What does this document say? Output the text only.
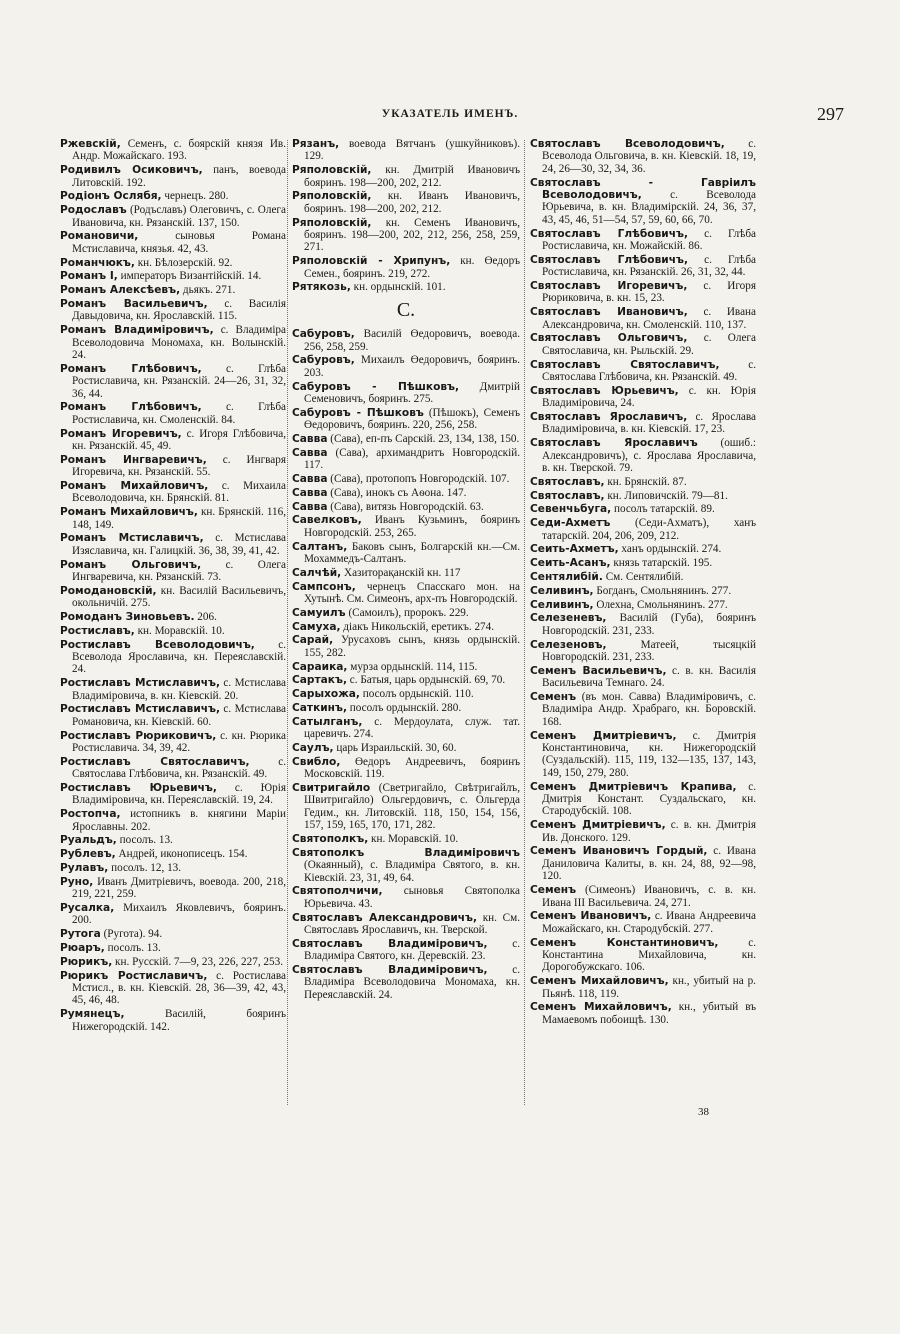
УКАЗАТЕЛЬ ИМЕНЪ.	297
Ржевскій, Семенъ, с. боярскій князя Ив. Андр. Можайскаго. 193.
Родивилъ Осиковичъ, панъ, воевода Литовскій. 192.
Родіонъ Ослябя, чернецъ. 280.
Родославъ (Родъславъ) Олеговичъ, с. Олега Ивановича, кн. Рязанскій. 137, 150.
Романовичи, сыновья Романа Мстиславича, князья. 42, 43.
Романчюкъ, кн. Бѣлозерскій. 92.
Романъ І, императоръ Византійскій. 14.
Романъ Алексѣевъ, дьякъ. 271.
Романъ Васильевичъ, с. Василія Давыдовича, кн. Ярославскій. 115.
Романъ Владиміровичъ, с. Владиміра Всеволодовича Мономаха, кн. Волынскій. 24.
Романъ Глѣбовичъ, с. Глѣба Ростиславича, кн. Рязанскій. 24—26, 31, 32, 36, 44.
Романъ Глѣбовичъ, с. Глѣба Ростиславича, кн. Смоленскій. 84.
Романъ Игоревичъ, с. Игоря Глѣбовича, кн. Рязанскій. 45, 49.
Романъ Ингваревичъ, с. Ингваря Игоревича, кн. Рязанскій. 55.
Романъ Михайловичъ, с. Михаила Всеволодовича, кн. Брянскій. 81.
Романъ Михайловичъ, кн. Брянскій. 116, 148, 149.
Романъ Мстиславичъ, с. Мстислава Изяславича, кн. Галицкій. 36, 38, 39, 41, 42.
Романъ Ольговичъ, с. Олега Ингваревича, кн. Рязанскій. 73.
Ромодановскій, кн. Василій Васильевичъ, окольничій. 275.
Ромоданъ Зиновьевъ. 206.
Ростиславъ, кн. Моравскій. 10.
Ростиславъ Всеволодовичъ, с. Всеволода Ярославича, кн. Переяславскій. 24.
Ростиславъ Мстиславичъ, с. Мстислава Владиміровича, в. кн. Кіевскій. 20.
Ростиславъ Мстиславичъ, с. Мстислава Романовича, кн. Кіевскій. 60.
Ростиславъ Рюриковичъ, с. кн. Рюрика Ростиславича. 34, 39, 42.
Ростиславъ Святославичъ, с. Святослава Глѣбовича, кн. Рязанскій. 49.
Ростиславъ Юрьевичъ, с. Юрія Владиміровича, кн. Переяславскій. 19, 24.
Ростопча, истопникъ в. княгини Маріи Ярославны. 202.
Руальдъ, посолъ. 13.
Рублевъ, Андрей, иконописецъ. 154.
Рулавъ, посолъ. 12, 13.
Руно, Иванъ Дмитріевичъ, воевода. 200, 218, 219, 221, 259.
Русалка, Михаилъ Яковлевичъ, бояринъ. 200.
Рутога (Ругота). 94.
Рюаръ, посолъ. 13.
Рюрикъ, кн. Русскій. 7—9, 23, 226, 227, 253.
Рюрикъ Ростиславичъ, с. Ростислава Мстисл., в. кн. Кіевскій. 28, 36—39, 42, 43, 45, 46, 48.
Румянецъ, Василій, бояринъ Нижегородскій. 142.
Рязанъ, воевода Вятчанъ (ушкуйниковъ). 129.
Ряполовскій, кн. Дмитрій Ивановичъ бояринъ. 198—200, 202, 212.
Ряполовскій, кн. Иванъ Ивановичъ, бояринъ. 198—200, 202, 212.
Ряполовскій, кн. Семенъ Ивановичъ, бояринъ. 198—200, 202, 212, 256, 258, 259, 271.
Ряполовскій - Хрипунъ, кн. Өедоръ Семен., бояринъ. 219, 272.
Рятякозь, кн. ордынскій. 101.
С.
Сабуровъ, Василій Өедоровичъ, воевода. 256, 258, 259.
Сабуровъ, Михаилъ Өедоровичъ, бояринъ. 203.
Сабуровъ - Пѣшковъ, Дмитрій Семеновичъ, бояринъ. 275.
Сабуровъ - Пѣшковъ (Пѣшокъ), Семенъ Өедоровичъ, бояринъ. 220, 256, 258.
Савва (Сава), еп-пъ Сарскій. 23, 134, 138, 150.
Савва (Сава), архимандритъ Новгородскій. 117.
Савва (Сава), протопопъ Новгородскій. 107.
Савва (Сава), инокъ съ Аѳона. 147.
Савва (Сава), витязь Новгородскій. 63.
Савелковъ, Иванъ Кузьминъ, бояринъ Новгородскій. 253, 265.
Салтанъ, Баковъ сынъ, Болгарскій кн.—См. Мохаммедъ-Салтанъ.
Салчѣй, Хазиторақанскій кн. 117
Сампсонъ, чернецъ Спасскаго мон. на Хутынѣ. См. Симеонъ, арх-пъ Новгородскій.
Самуилъ (Самоилъ), пророкъ. 229.
Самуха, діакъ Никольскій, еретикъ. 274.
Сарай, Урусаховъ сынъ, князь ордынскій. 155, 282.
Сараика, мурза ордынскій. 114, 115.
Сартакъ, с. Батыя, царь ордынскій. 69, 70.
Сарыхожа, посолъ ордынскій. 110.
Саткинъ, посолъ ордынскій. 280.
Сатылганъ, с. Мердоулата, служ. тат. царевичъ. 274.
Саулъ, царь Израильскій. 30, 60.
Свибло, Өедоръ Андреевичъ, бояринъ Московскій. 119.
Свитригайло (Светригайло, Свѣтригайлъ, Швитригайло) Ольгердовичъ, с. Ольгерда Гедим., кн. Литовскій. 118, 150, 154, 156, 157, 159, 165, 170, 171, 282.
Святополкъ, кн. Моравскій. 10.
Святополкъ Владиміровичъ (Окаянный), с. Владиміра Святого, в. кн. Кіевскій. 23, 31, 49, 64.
Святополчичи, сыновья Святополка Юрьевича. 43.
Святославъ Александровичъ, кн. См. Святославъ Ярославичъ, кн. Тверской.
Святославъ Владиміровичъ, с. Владиміра Святого, кн. Деревскій. 23.
Святославъ Владиміровичъ, с. Владиміра Всеволодовича Мономаха, кн. Переяславскій. 24.
Святославъ Всеволодовичъ, с. Всеволода Ольговича, в. кн. Кіевскій. 18, 19, 24, 26—30, 32, 34, 36.
Святославъ - Гавріилъ Всеволодовичъ, с. Всеволода Юрьевича, в. кн. Владимірскій. 24, 36, 37, 43, 45, 46, 51—54, 57, 59, 60, 66, 70.
Святославъ Глѣбовичъ, с. Глѣба Ростиславича, кн. Можайскій. 86.
Святославъ Глѣбовичъ, с. Глѣба Ростиславича, кн. Рязанскій. 26, 31, 32, 44.
Святославъ Игоревичъ, с. Игоря Рюриковича, в. кн. 15, 23.
Святославъ Ивановичъ, с. Ивана Александровича, кн. Смоленскій. 110, 137.
Святославъ Ольговичъ, с. Олега Святославича, кн. Рыльскій. 29.
Святославъ Святославичъ, с. Святослава Глѣбовича, кн. Рязанскій. 49.
Святославъ Юрьевичъ, с. кн. Юрія Владиміровича, 24.
Святославъ Ярославичъ, с. Ярослава Владиміровича, в. кн. Кіевскій. 17, 23.
Святославъ Ярославичъ (ошиб.: Александровичъ), с. Ярослава Ярославича, в. кн. Тверской. 79.
Святославъ, кн. Брянскій. 87.
Святославъ, кн. Липовичскій. 79—81.
Севенчьбуга, посолъ татарскій. 89.
Седи-Ахметъ (Седи-Ахматъ), ханъ татарскій. 204, 206, 209, 212.
Сеить-Ахметъ, ханъ ордынскій. 274.
Сеить-Асанъ, князь татарскій. 195.
Сентялибій. См. Сентялибій.
Селивинъ, Богданъ, Смольнянинъ. 277.
Селивинъ, Олехна, Смольнянинъ. 277.
Селезеневъ, Василій (Губа), бояринъ Новгородскій. 231, 233.
Селезеновъ, Матеей, тысяцкій Новгородскій. 231, 233.
Семенъ Васильевичъ, с. в. кн. Василія Васильевича Темнаго. 24.
Семенъ (въ мон. Савва) Владиміровичъ, с. Владиміра Андр. Храбраго, кн. Боровскій. 168.
Семенъ Дмитріевичъ, с. Дмитрія Константиновича, кн. Нижегородскій (Суздальскій). 115, 119, 132—135, 137, 143, 149, 150, 279, 280.
Семенъ Дмитріевичъ Крапива, с. Дмитрія Констант. Суздальскаго, кн. Стародубскій. 108.
Семенъ Дмитріевичъ, с. в. кн. Дмитрія Ив. Донского. 129.
Семенъ Ивановичъ Гордый, с. Ивана Даниловича Калиты, в. кн. 24, 88, 92—98, 120.
Семенъ (Симеонъ) Ивановичъ, с. в. кн. Ивана III Васильевича. 24, 271.
Семенъ Ивановичъ, с. Ивана Андреевича Можайскаго, кн. Стародубскій. 277.
Семенъ Константиновичъ, с. Константина Михайловича, кн. Дорогобужскаго. 106.
Семенъ Михайловичъ, кн., убитый на р. Пьянѣ. 118, 119.
Семенъ Михайловичъ, кн., убитый въ Мамаевомъ побоищѣ. 130.
38
